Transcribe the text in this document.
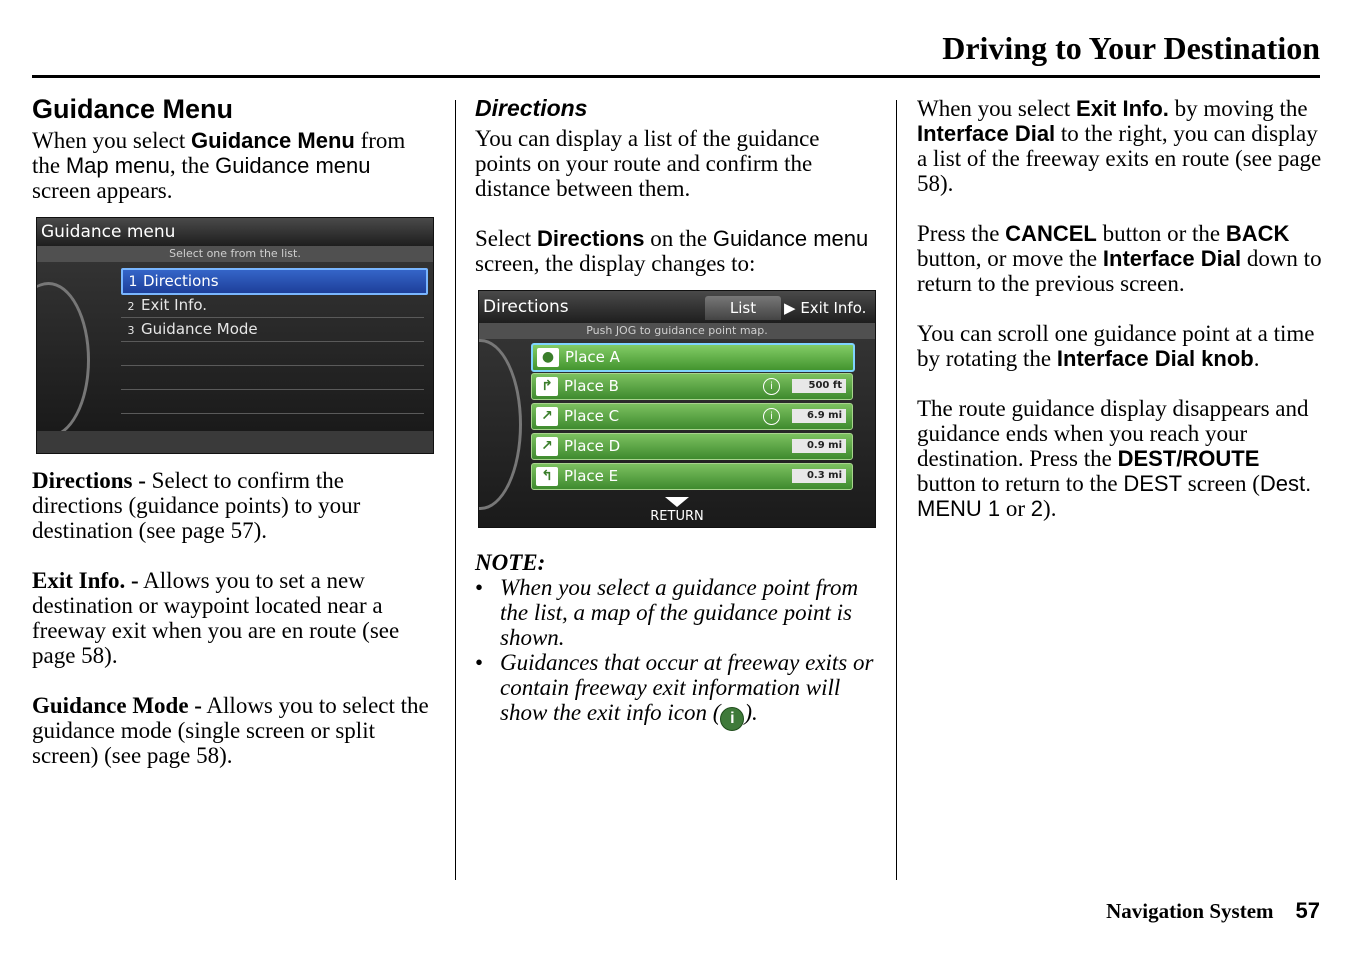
Driving to Your Destination
Guidance Menu

When you select Guidance Menu from the Map menu, the Guidance menu screen appears.

Guidance menu
Select one from the list.
1 Directions
2 Exit Info.
3 Guidance Mode

Directions - Select to confirm the directions (guidance points) to your destination (see page 57).

Exit Info. - Allows you to set a new destination or waypoint located near a freeway exit when you are en route (see page 58).

Guidance Mode - Allows you to select the guidance mode (single screen or split screen) (see page 58).

Directions

You can display a list of the guidance points on your route and confirm the distance between them.

Select Directions on the Guidance menu screen, the display changes to:

Directions	List	▶ Exit Info.
Push JOG to guidance point map.
● Place A
↱ Place B	i	500 ft
↗ Place C	i	6.9 mi
↗ Place D	0.9 mi
↰ Place E	0.3 mi
RETURN
NOTE:
• When you select a guidance point from the list, a map of the guidance point is shown.
• Guidances that occur at freeway exits or contain freeway exit information will show the exit info icon ( i ).

When you select Exit Info. by moving the Interface Dial to the right, you can display a list of the freeway exits en route (see page 58).

Press the CANCEL button or the BACK button, or move the Interface Dial down to return to the previous screen.

You can scroll one guidance point at a time by rotating the Interface Dial knob.

The route guidance display disappears and guidance ends when you reach your destination. Press the DEST/ROUTE button to return to the DEST screen (Dest. MENU 1 or 2).

Navigation System 57
